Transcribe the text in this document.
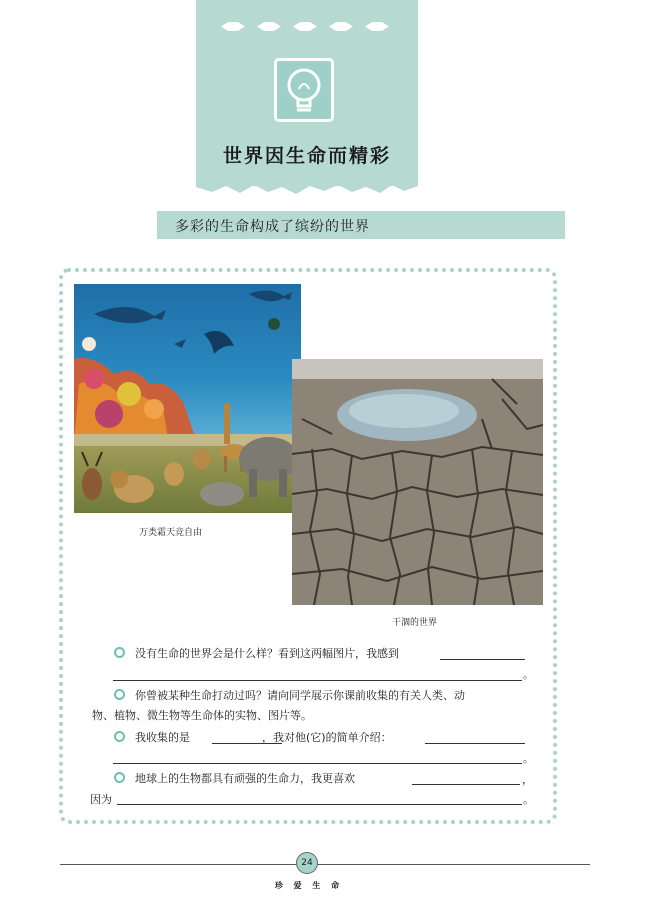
世界因生命而精彩
多彩的生命构成了缤纷的世界
万类霜天竞自由
干涸的世界
没有生命的世界会是什么样？看到这两幅图片，我感到
。
你曾被某种生命打动过吗？请向同学展示你课前收集的有关人类、动
物、植物、微生物等生命体的实物、图片等。
我收集的是	，我对他(它)的简单介绍：
。
地球上的生物都具有顽强的生命力，我更喜欢	，
因为	。
24
珍 爱 生 命
